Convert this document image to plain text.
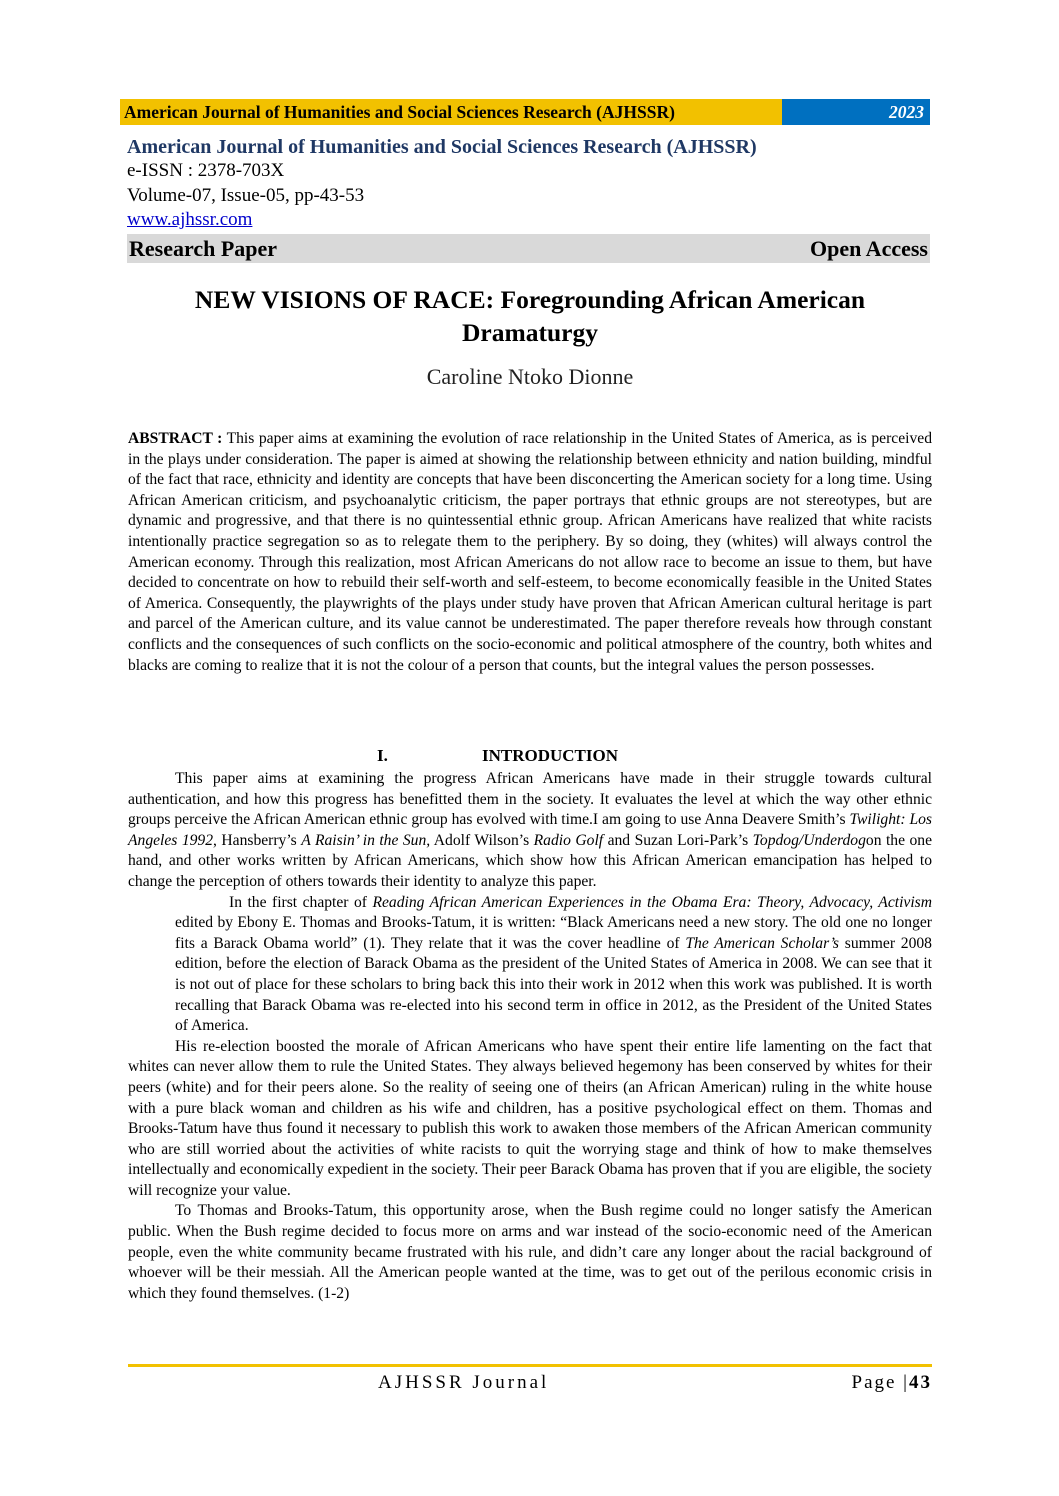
American Journal of Humanities and Social Sciences Research (AJHSSR)	2023
American Journal of Humanities and Social Sciences Research (AJHSSR)
e-ISSN : 2378-703X
Volume-07, Issue-05, pp-43-53
www.ajhssr.com
Research Paper	Open Access
NEW VISIONS OF RACE: Foregrounding African American Dramaturgy
Caroline Ntoko Dionne
ABSTRACT : This paper aims at examining the evolution of race relationship in the United States of America, as is perceived in the plays under consideration. The paper is aimed at showing the relationship between ethnicity and nation building, mindful of the fact that race, ethnicity and identity are concepts that have been disconcerting the American society for a long time. Using African American criticism, and psychoanalytic criticism, the paper portrays that ethnic groups are not stereotypes, but are dynamic and progressive, and that there is no quintessential ethnic group. African Americans have realized that white racists intentionally practice segregation so as to relegate them to the periphery. By so doing, they (whites) will always control the American economy. Through this realization, most African Americans do not allow race to become an issue to them, but have decided to concentrate on how to rebuild their self-worth and self-esteem, to become economically feasible in the United States of America. Consequently, the playwrights of the plays under study have proven that African American cultural heritage is part and parcel of the American culture, and its value cannot be underestimated. The paper therefore reveals how through constant conflicts and the consequences of such conflicts on the socio-economic and political atmosphere of the country, both whites and blacks are coming to realize that it is not the colour of a person that counts, but the integral values the person possesses.
I.	INTRODUCTION

This paper aims at examining the progress African Americans have made in their struggle towards cultural authentication, and how this progress has benefitted them in the society. It evaluates the level at which the way other ethnic groups perceive the African American ethnic group has evolved with time.I am going to use Anna Deavere Smith’s Twilight: Los Angeles 1992, Hansberry’s A Raisin’ in the Sun, Adolf Wilson’s Radio Golf and Suzan Lori-Park’s Topdog/Underdogon the one hand, and other works written by African Americans, which show how this African American emancipation has helped to change the perception of others towards their identity to analyze this paper.

In the first chapter of Reading African American Experiences in the Obama Era: Theory, Advocacy, Activism edited by Ebony E. Thomas and Brooks-Tatum, it is written: “Black Americans need a new story. The old one no longer fits a Barack Obama world” (1). They relate that it was the cover headline of The American Scholar’s summer 2008 edition, before the election of Barack Obama as the president of the United States of America in 2008. We can see that it is not out of place for these scholars to bring back this into their work in 2012 when this work was published. It is worth recalling that Barack Obama was re-elected into his second term in office in 2012, as the President of the United States of America.

His re-election boosted the morale of African Americans who have spent their entire life lamenting on the fact that whites can never allow them to rule the United States. They always believed hegemony has been conserved by whites for their peers (white) and for their peers alone. So the reality of seeing one of theirs (an African American) ruling in the white house with a pure black woman and children as his wife and children, has a positive psychological effect on them. Thomas and Brooks-Tatum have thus found it necessary to publish this work to awaken those members of the African American community who are still worried about the activities of white racists to quit the worrying stage and think of how to make themselves intellectually and economically expedient in the society. Their peer Barack Obama has proven that if you are eligible, the society will recognize your value.

To Thomas and Brooks-Tatum, this opportunity arose, when the Bush regime could no longer satisfy the American public. When the Bush regime decided to focus more on arms and war instead of the socio-economic need of the American people, even the white community became frustrated with his rule, and didn’t care any longer about the racial background of whoever will be their messiah. All the American people wanted at the time, was to get out of the perilous economic crisis in which they found themselves. (1-2)

AJHSSR Journal	Page |43
